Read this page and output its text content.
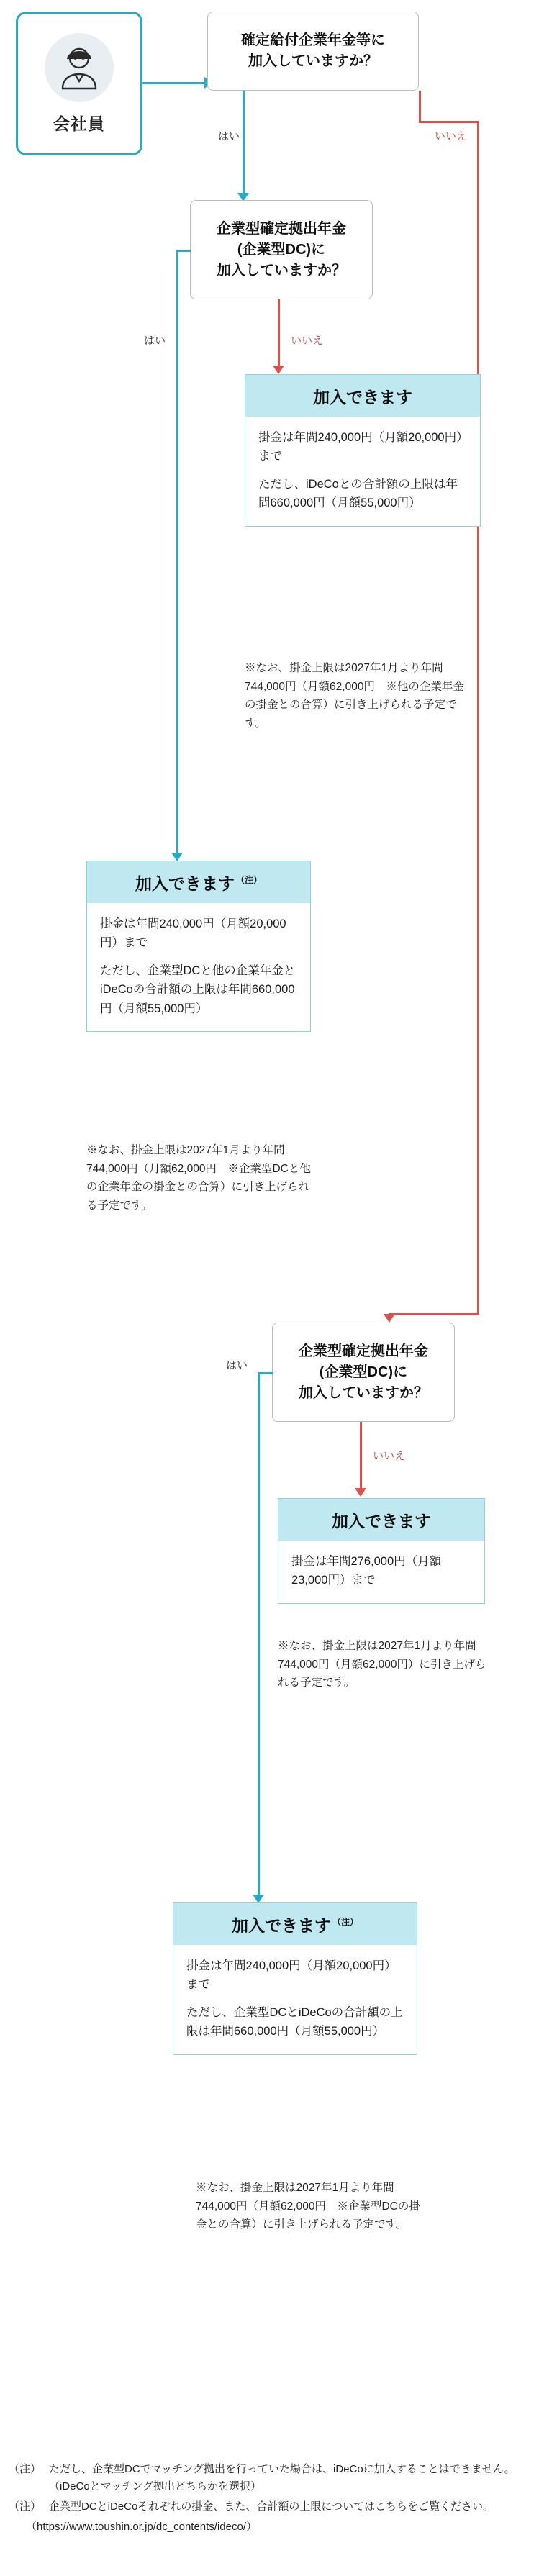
会社員
確定給付企業年金等に
加入していますか？
いいえ
はい
企業型確定拠出年金
(企業型DC)に
加入していますか？
いいえ
はい
加入できます

掛金は年間240,000円（月額20,000円）まで

ただし、iDeCoとの合計額の上限は年間660,000円（月額55,000円）

※なお、掛金上限は2027年1月より年間744,000円（月額62,000円　※他の企業年金の掛金との合算）に引き上げられる予定です。
加入できます $^{(注)}$

掛金は年間240,000円（月額20,000円）まで

ただし、企業型DCと他の企業年金とiDeCoの合計額の上限は年間660,000円（月額55,000円）

※なお、掛金上限は2027年1月より年間744,000円（月額62,000円　※企業型DCと他の企業年金の掛金との合算）に引き上げられる予定です。
企業型確定拠出年金
(企業型DC)に
加入していますか？
いいえ
はい
加入できます

掛金は年間276,000円（月額23,000円）まで

※なお、掛金上限は2027年1月より年間744,000円（月額62,000円）に引き上げられる予定です。
加入できます $^{(注)}$

掛金は年間240,000円（月額20,000円）まで

ただし、企業型DCとiDeCoの合計額の上限は年間660,000円（月額55,000円）

※なお、掛金上限は2027年1月より年間744,000円（月額62,000円　※企業型DCの掛金との合算）に引き上げられる予定です。
（注） ただし、企業型DCでマッチング拠出を行っていた場合は、iDeCoに加入することはできません。（iDeCoとマッチング拠出どちらかを選択）
（注） 企業型DCとiDeCoそれぞれの掛金、また、合計額の上限についてはこちらをご覧ください。
（https://www.toushin.or.jp/dc_contents/ideco/）
